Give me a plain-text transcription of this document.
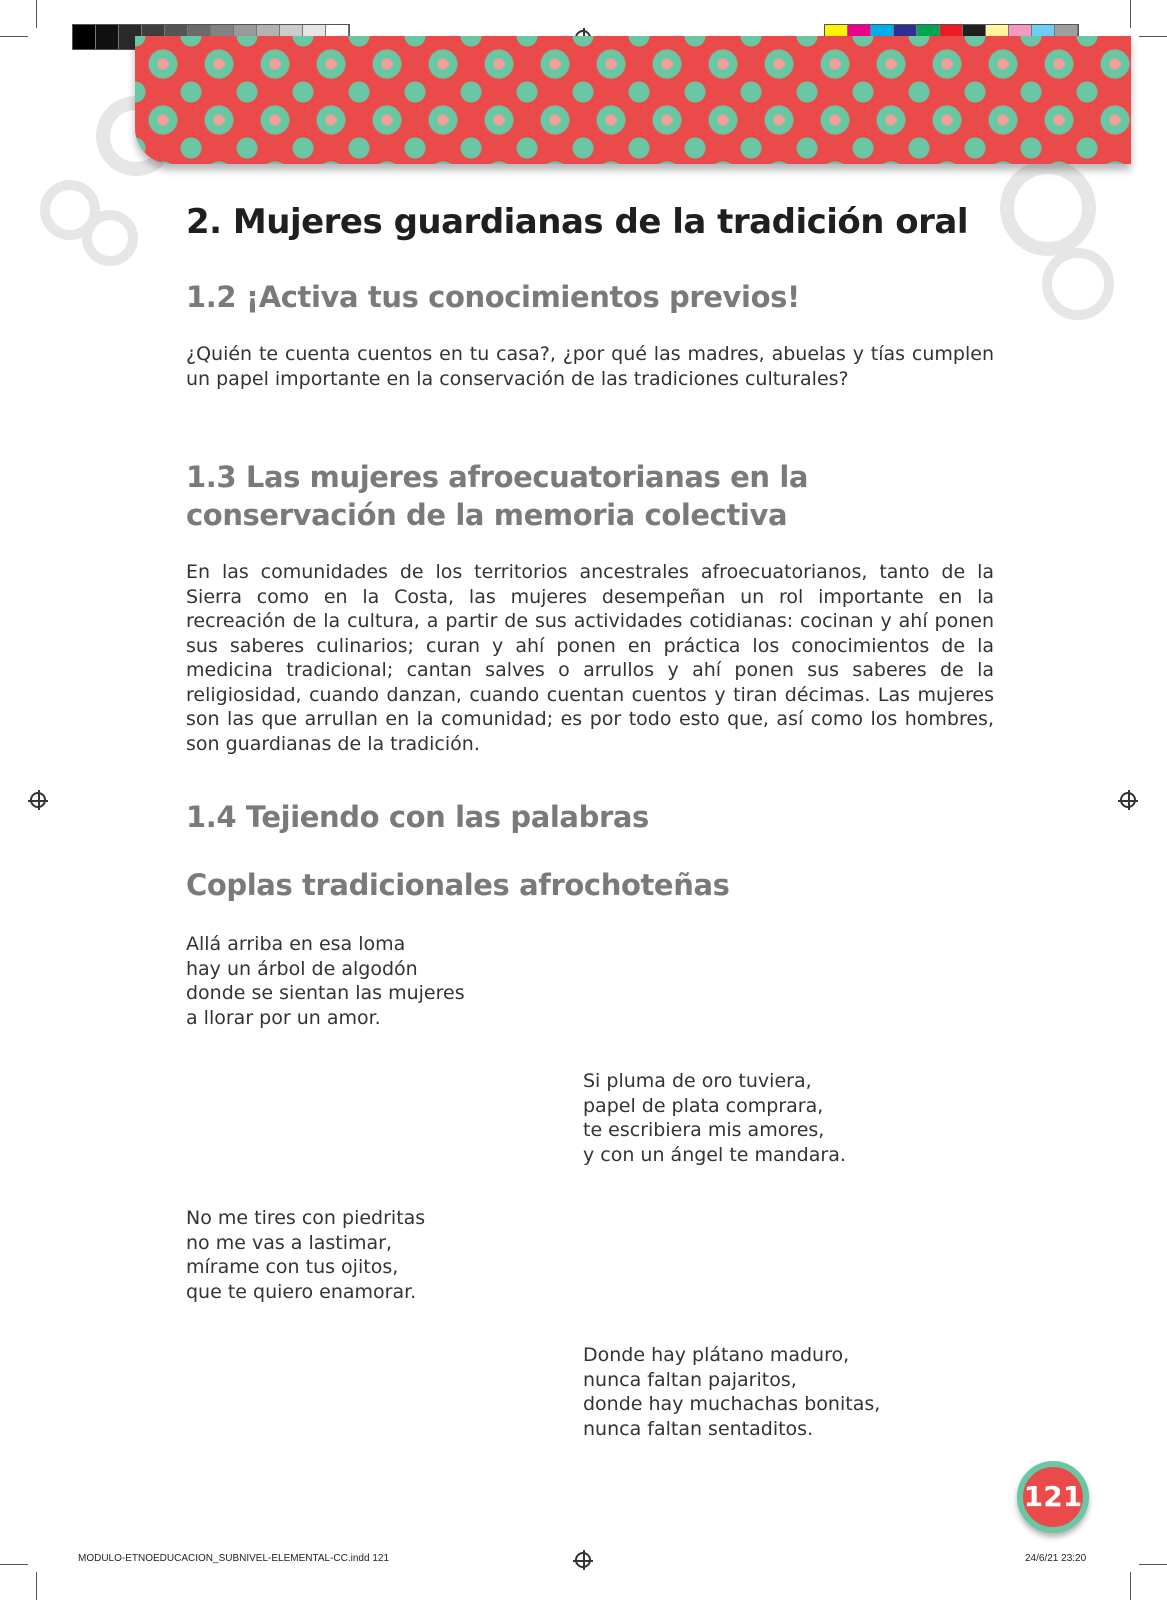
2. Mujeres guardianas de la tradición oral
1.2 ¡Activa tus conocimientos previos!
¿Quién te cuenta cuentos en tu casa?, ¿por qué las madres, abuelas y tías cumplen un papel importante en la conservación de las tradiciones culturales?
1.3 Las mujeres afroecuatorianas en la conservación de la memoria colectiva
En las comunidades de los territorios ancestrales afroecuatorianos, tanto de la Sierra como en la Costa, las mujeres desempeñan un rol importante en la recreación de la cultura, a partir de sus actividades cotidianas: cocinan y ahí ponen sus saberes culinarios; curan y ahí ponen en práctica los conocimientos de la medicina tradicional; cantan salves o arrullos y ahí ponen sus saberes de la religiosidad, cuando danzan, cuando cuentan cuentos y tiran décimas. Las mujeres son las que arrullan en la comunidad; es por todo esto que, así como los hombres, son guardianas de la tradición.
1.4 Tejiendo con las palabras
Coplas tradicionales afrochoteñas
Allá arriba en esa loma
hay un árbol de algodón
donde se sientan las mujeres
a llorar por un amor.
Si pluma de oro tuviera,
papel de plata comprara,
te escribiera mis amores,
y con un ángel te mandara.
No me tires con piedritas
no me vas a lastimar,
mírame con tus ojitos,
que te quiero enamorar.
Donde hay plátano maduro,
nunca faltan pajaritos,
donde hay muchachas bonitas,
nunca faltan sentaditos.
121
MODULO-ETNOEDUCACION_SUBNIVEL-ELEMENTAL-CC.indd 121	24/6/21 23:20
